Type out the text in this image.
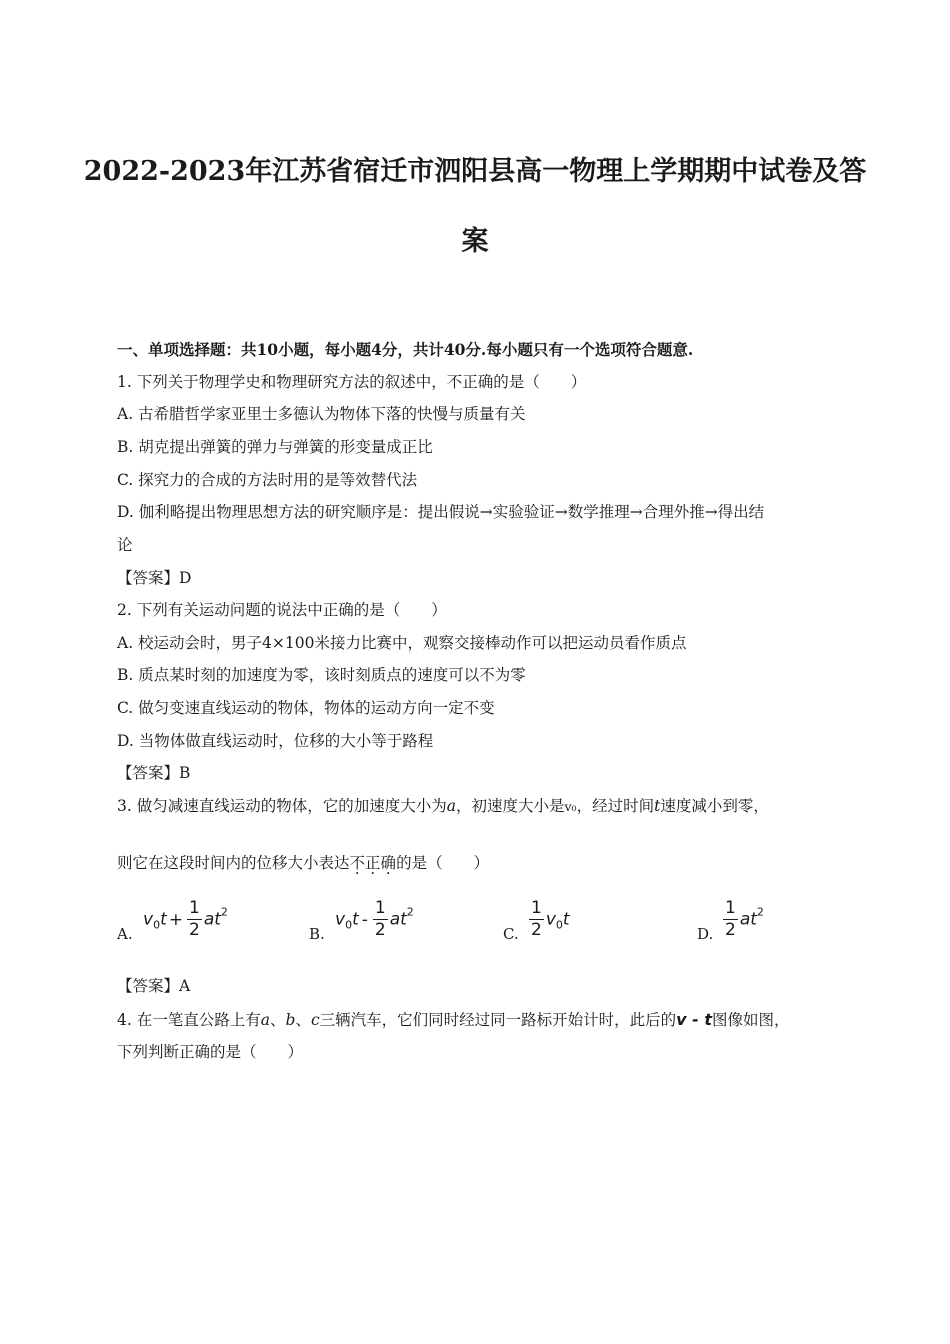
2022-2023年江苏省宿迁市泗阳县高一物理上学期期中试卷及答
案
一、单项选择题：共10小题，每小题4分，共计40分.每小题只有一个选项符合题意.
1. 下列关于物理学史和物理研究方法的叙述中，不正确的是（　　）
A. 古希腊哲学家亚里士多德认为物体下落的快慢与质量有关
B. 胡克提出弹簧的弹力与弹簧的形变量成正比
C. 探究力的合成的方法时用的是等效替代法
D. 伽利略提出物理思想方法的研究顺序是：提出假说→实验验证→数学推理→合理外推→得出结
论
【答案】D
2. 下列有关运动问题的说法中正确的是（　　）
A. 校运动会时，男子4×100米接力比赛中，观察交接棒动作可以把运动员看作质点
B. 质点某时刻的加速度为零，该时刻质点的速度可以不为零
C. 做匀变速直线运动的物体，物体的运动方向一定不变
D. 当物体做直线运动时，位移的大小等于路程
【答案】B
3. 做匀减速直线运动的物体，它的加速度大小为a，初速度大小是v₀，经过时间t速度减小到零，
则它在这段时间内的位移大小表达不正确的是（　　）
A.
$v_0t + \frac{1}{2} at^2$
B.
$v_0t - \frac{1}{2} at^2$
C. $\frac{1}{2} v_0t$
D. $\frac{1}{2} at^2$
【答案】A
4. 在一笔直公路上有a、b、c三辆汽车，它们同时经过同一路标开始计时，此后的v - t图像如图，
下列判断正确的是（　　）
